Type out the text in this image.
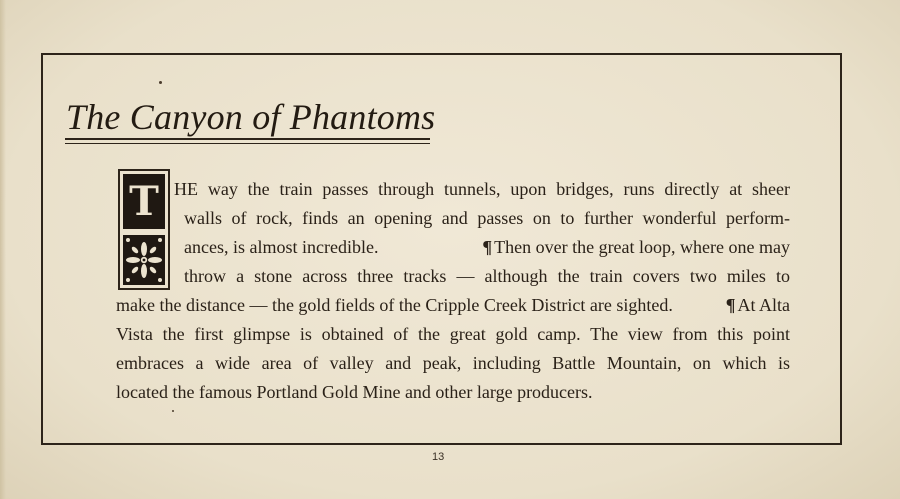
The Canyon of Phantoms
T HE way the train passes through tunnels, upon bridges, runs directly at sheer
walls of rock, finds an opening and passes on to further wonderful perform-
ances, is almost incredible.	¶ Then over the great loop, where one may
throw a stone across three tracks — although the train covers two miles to
make the distance — the gold fields of the Cripple Creek District are sighted.	¶ At Alta
Vista the first glimpse is obtained of the great gold camp. The view from this point
embraces a wide area of valley and peak, including Battle Mountain, on which is
located the famous Portland Gold Mine and other large producers.
13
